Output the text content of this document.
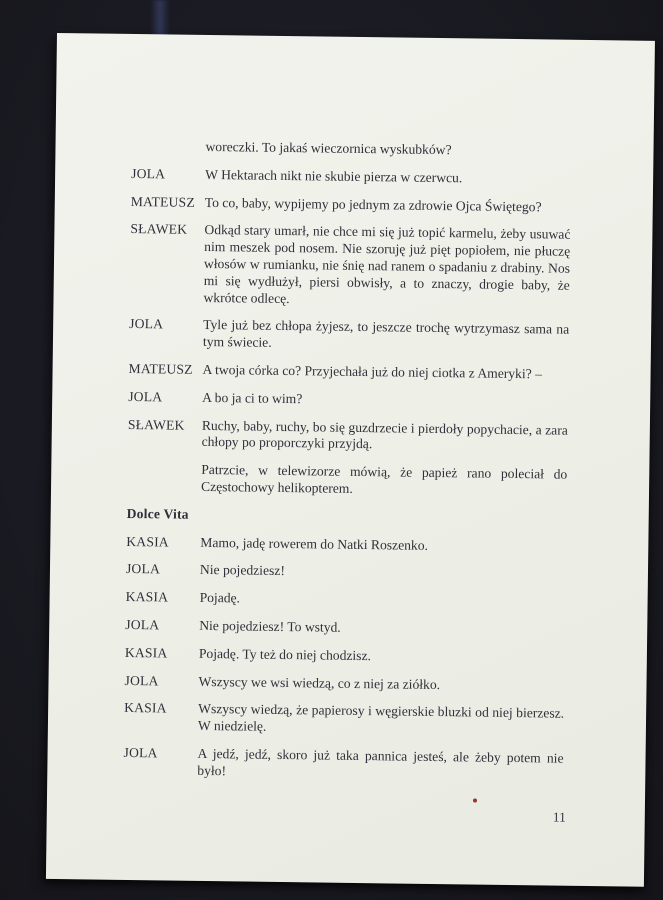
woreczki. To jakaś wieczornica wyskubków?
JOLA	W Hektarach nikt nie skubie pierza w czerwcu.
MATEUSZ To co, baby, wypijemy po jednym za zdrowie Ojca Świętego?
SŁAWEK	Odkąd stary umarł, nie chce mi się już topić karmelu, żeby usuwać nim meszek pod nosem. Nie szoruję już pięt popiołem, nie płuczę włosów w rumianku, nie śnię nad ranem o spadaniu z drabiny. Nos mi się wydłużył, piersi obwisły, a to znaczy, drogie baby, że wkrótce odlecę.
JOLA	Tyle już bez chłopa żyjesz, to jeszcze trochę wytrzymasz sama na tym świecie.
MATEUSZ A twoja córka co? Przyjechała już do niej ciotka z Ameryki? –
JOLA	A bo ja ci to wim?
SŁAWEK	Ruchy, baby, ruchy, bo się guzdrzecie i pierdoły popychacie, a zara chłopy po proporczyki przyjdą.
Patrzcie, w telewizorze mówią, że papież rano poleciał do Częstochowy helikopterem.
Dolce Vita
KASIA	Mamo, jadę rowerem do Natki Roszenko.
JOLA	Nie pojedziesz!
KASIA	Pojadę.
JOLA	Nie pojedziesz! To wstyd.
KASIA	Pojadę. Ty też do niej chodzisz.
JOLA	Wszyscy we wsi wiedzą, co z niej za ziółko.
KASIA	Wszyscy wiedzą, że papierosy i węgierskie bluzki od niej bierzesz. W niedzielę.
JOLA	A jedź, jedź, skoro już taka pannica jesteś, ale żeby potem nie było!
11
